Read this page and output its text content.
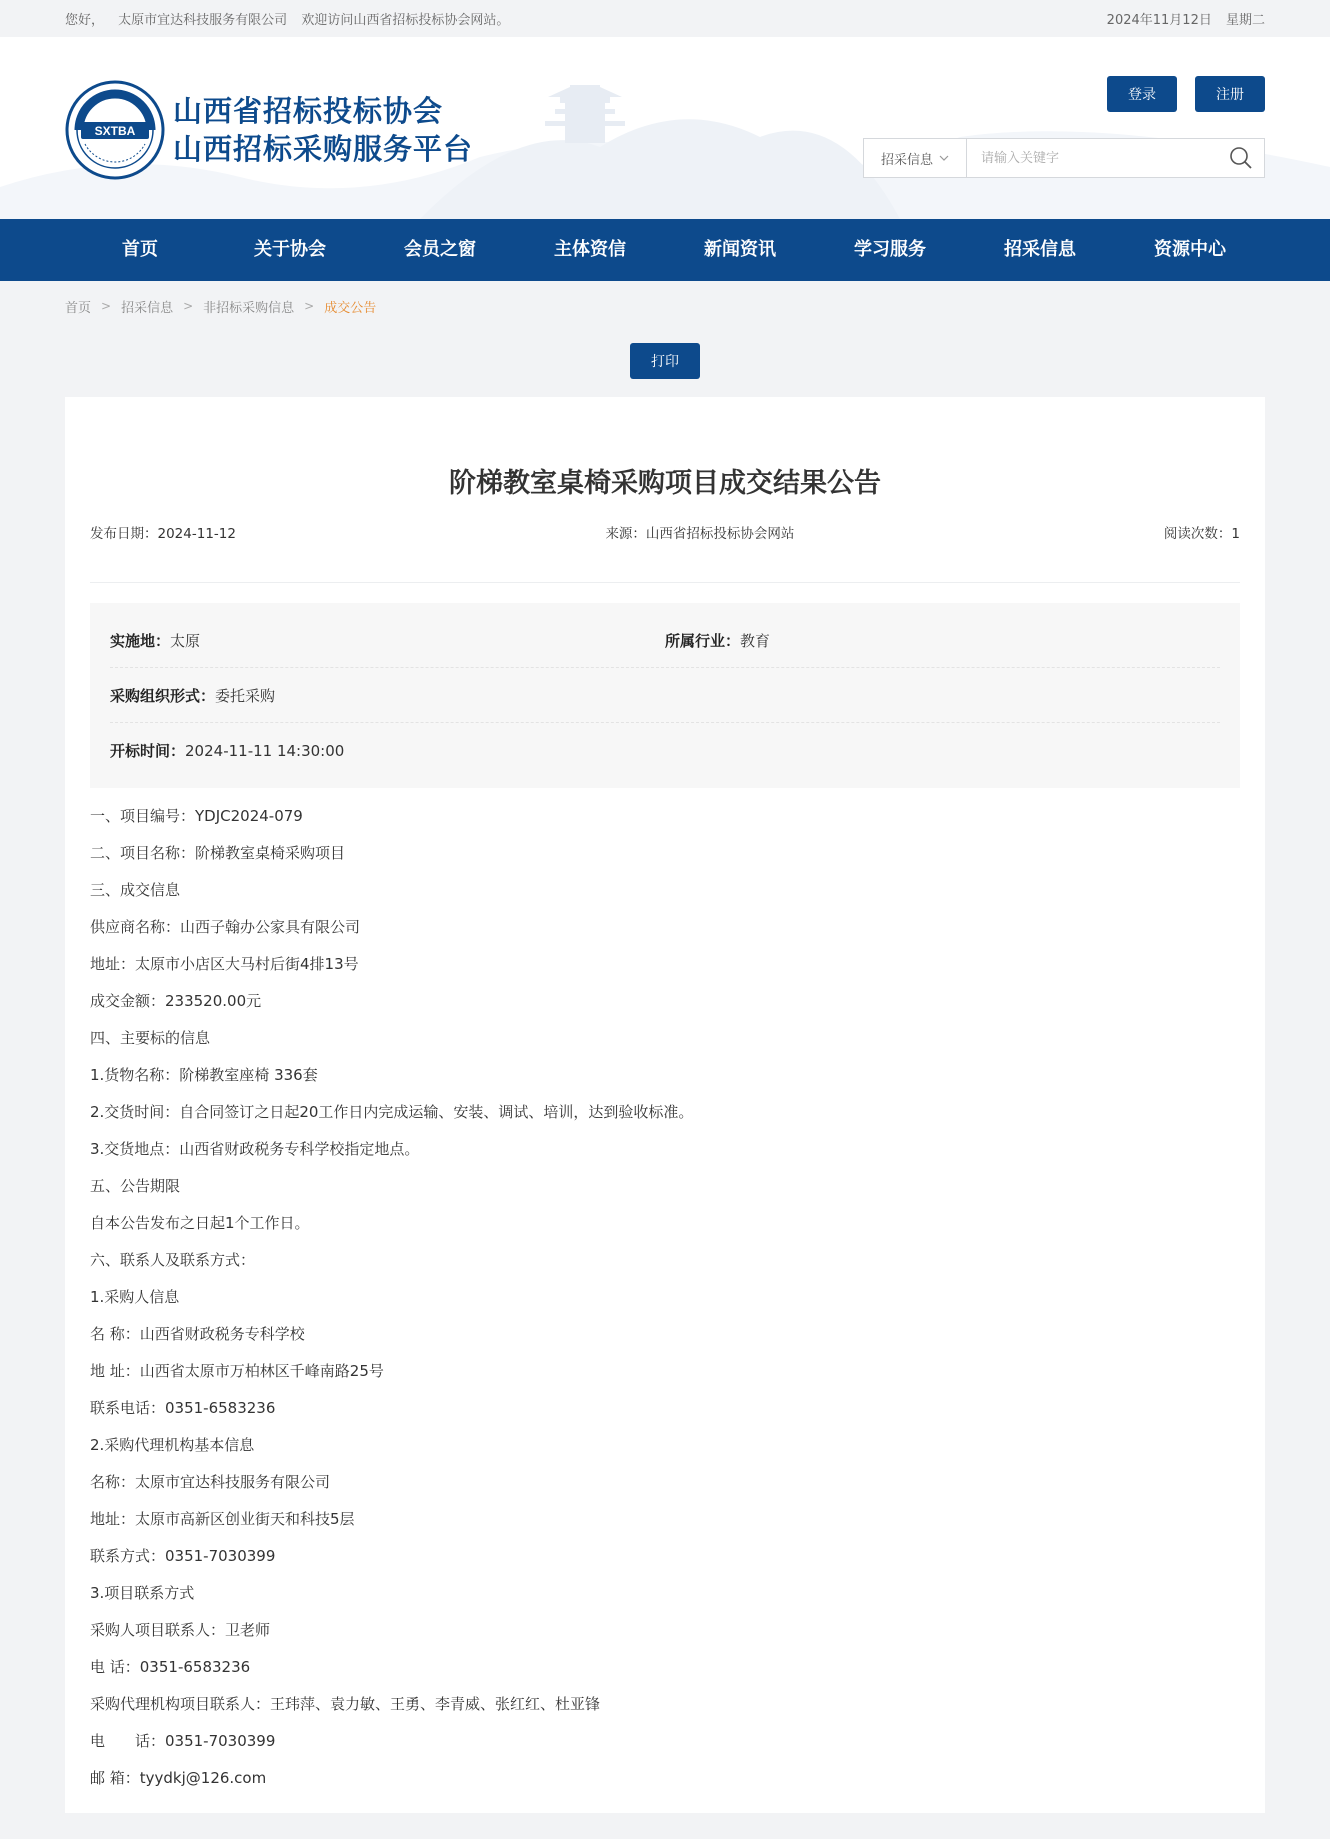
您好， 太原市宜达科技服务有限公司 欢迎访问山西省招标投标协会网站。	2024年11月12日 星期二
SXTBA
山西省招标投标协会
山西招标采购服务平台
登录	注册
招采信息
请输入关键字
首页	关于协会	会员之窗	主体资信	新闻资讯	学习服务	招采信息	资源中心
首页 > 招采信息 > 非招标采购信息 > 成交公告
打印
阶梯教室桌椅采购项目成交结果公告
发布日期：2024-11-12	来源：山西省招标投标协会网站	阅读次数：1
实施地：太原	所属行业：教育
采购组织形式：委托采购
开标时间：2024-11-11 14:30:00

一、项目编号：YDJC2024-079

二、项目名称：阶梯教室桌椅采购项目

三、成交信息

供应商名称：山西子翰办公家具有限公司

地址：太原市小店区大马村后街4排13号

成交金额：233520.00元

四、主要标的信息

1.货物名称：阶梯教室座椅 336套

2.交货时间：自合同签订之日起20工作日内完成运输、安装、调试、培训，达到验收标准。

3.交货地点：山西省财政税务专科学校指定地点。

五、公告期限

自本公告发布之日起1个工作日。

六、联系人及联系方式：

1.采购人信息

名 称：山西省财政税务专科学校

地 址：山西省太原市万柏林区千峰南路25号

联系电话：0351-6583236

2.采购代理机构基本信息

名称：太原市宜达科技服务有限公司

地址：太原市高新区创业街天和科技5层

联系方式：0351-7030399

3.项目联系方式

采购人项目联系人：卫老师

电 话：0351-6583236

采购代理机构项目联系人：王玮萍、袁力敏、王勇、李青威、张红红、杜亚锋

电　　话：0351-7030399

邮 箱：tyydkj@126.com
